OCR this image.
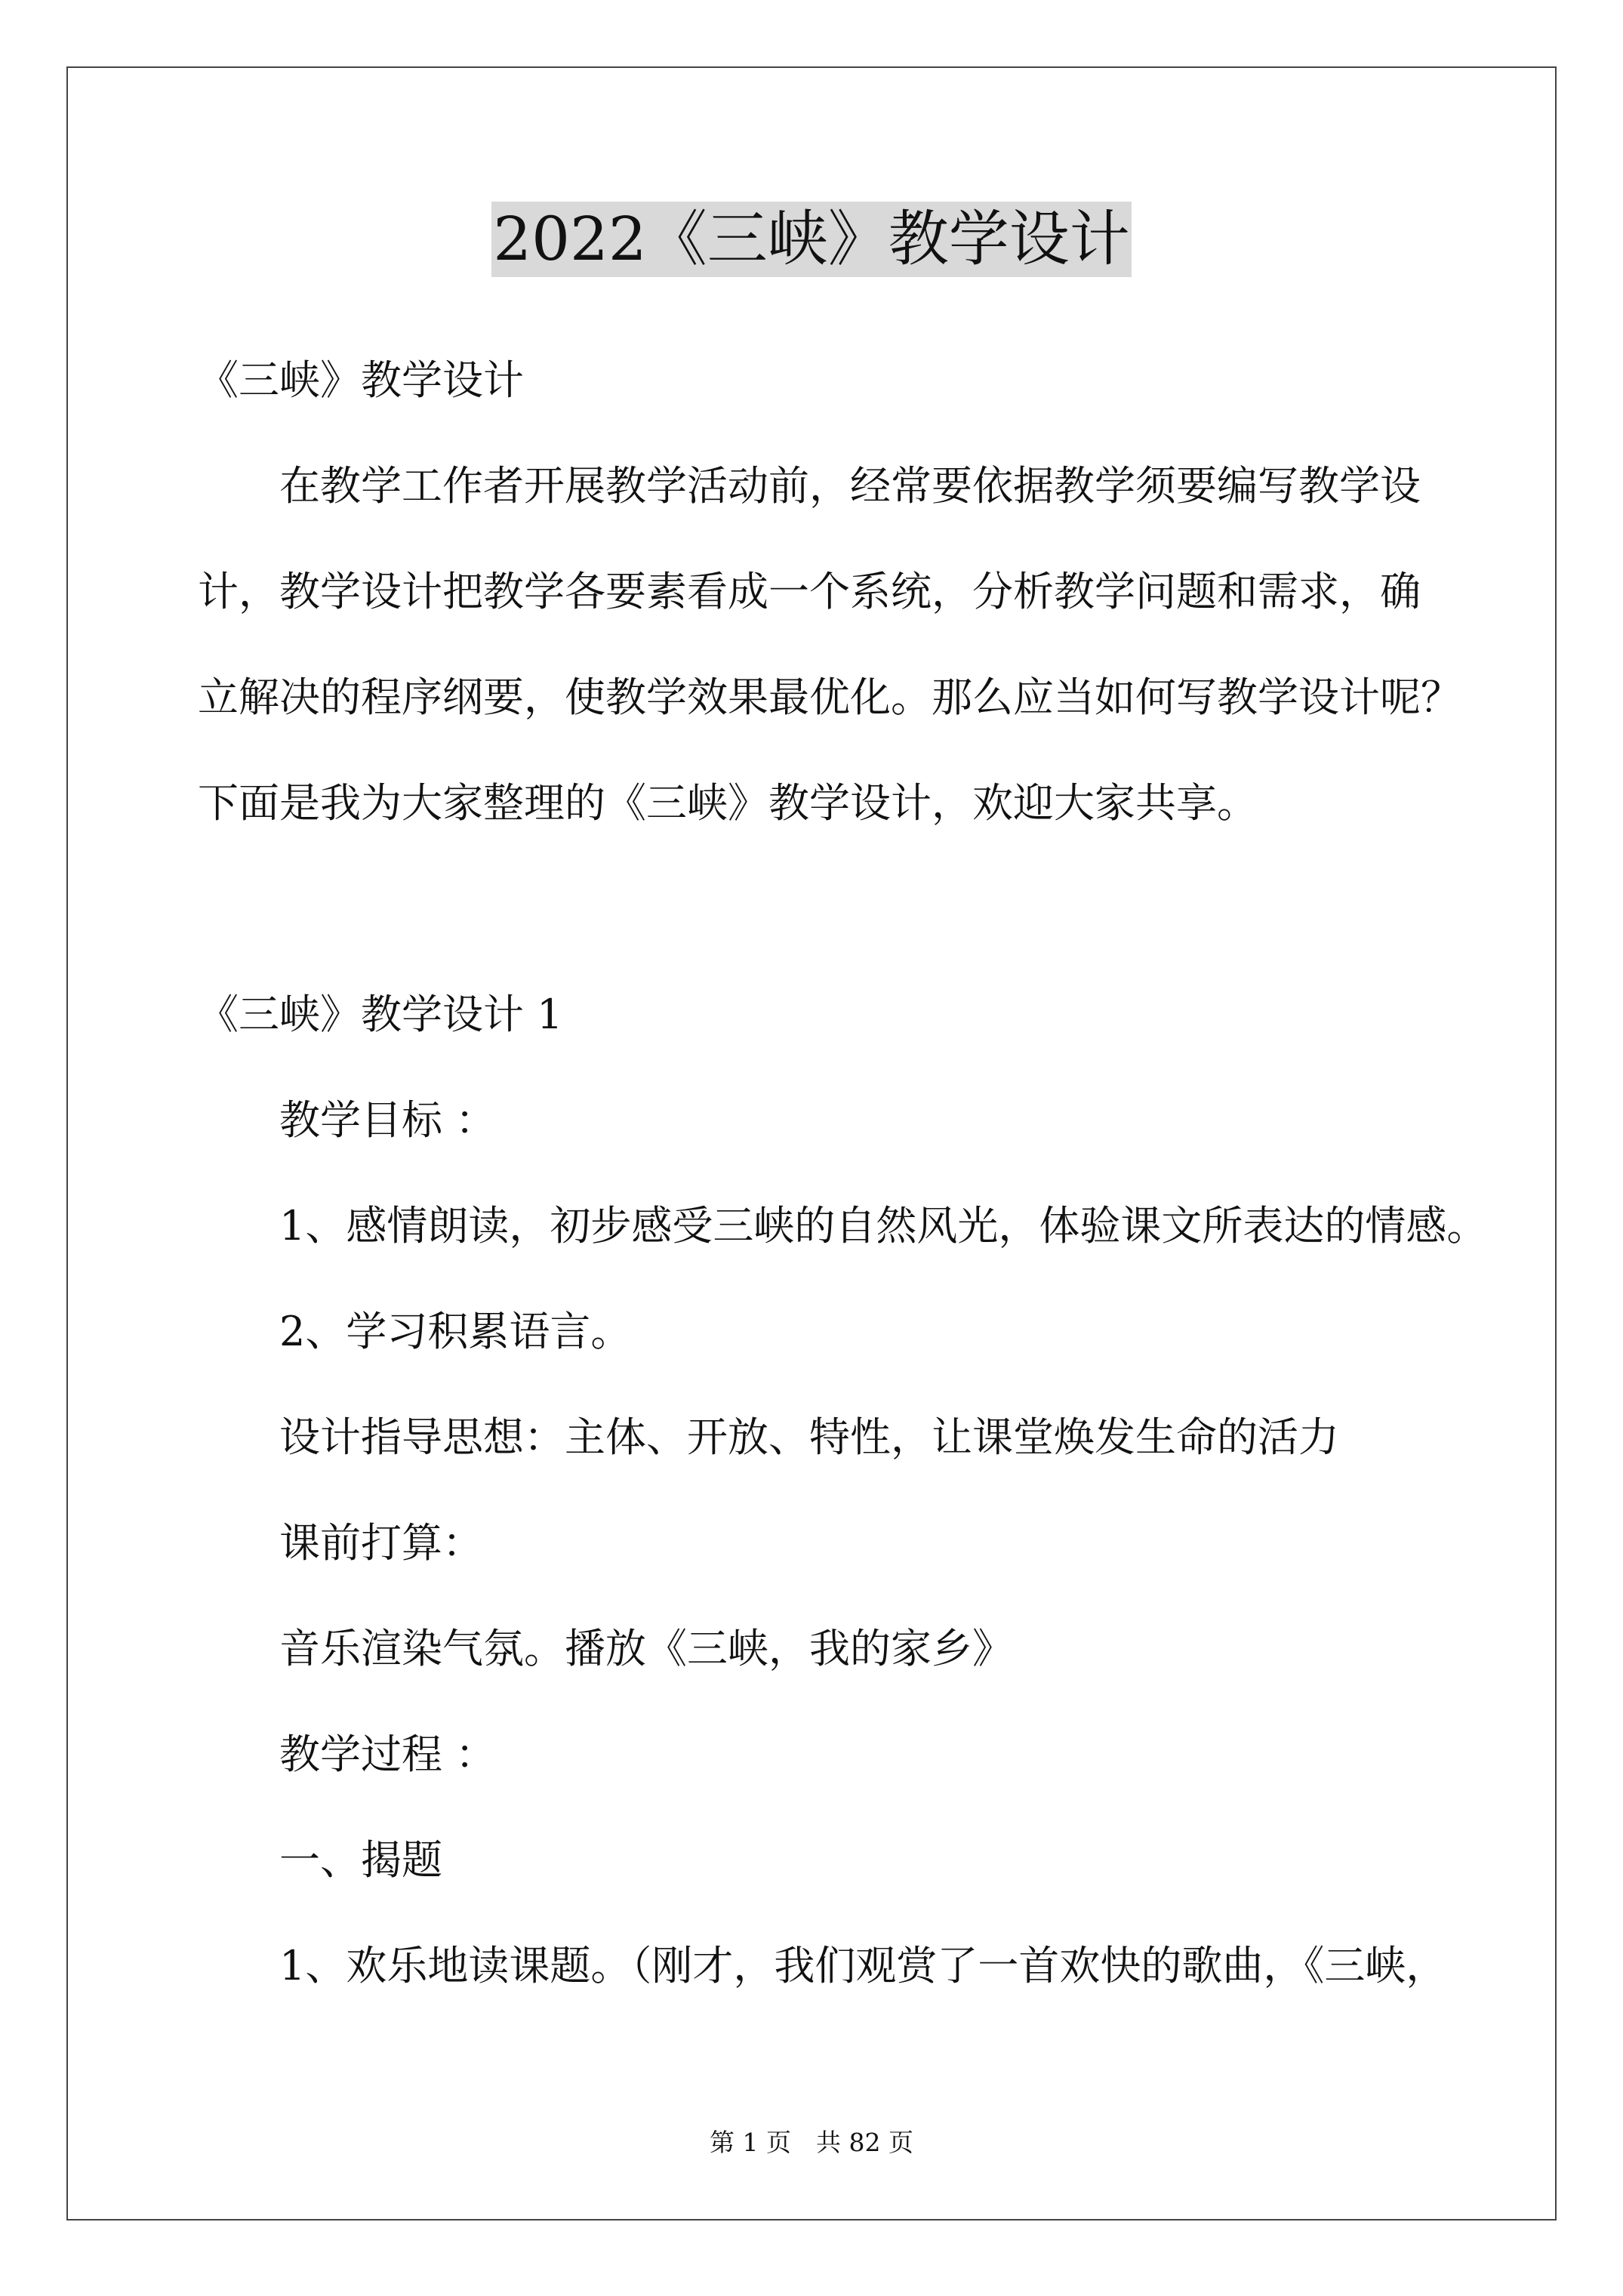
2022《三峡》教学设计
《三峡》教学设计
在教学工作者开展教学活动前，经常要依据教学须要编写教学设
计，教学设计把教学各要素看成一个系统，分析教学问题和需求，确
立解决的程序纲要，使教学效果最优化。那么应当如何写教学设计呢？
下面是我为大家整理的《三峡》教学设计，欢迎大家共享。
《三峡》教学设计 1
教学目标 ：
1、感情朗读，初步感受三峡的自然风光，体验课文所表达的情感。
2、学习积累语言。
设计指导思想：主体、开放、特性，让课堂焕发生命的活力
课前打算：
音乐渲染气氛。播放《三峡，我的家乡》
教学过程 ：
一、揭题
1、欢乐地读课题。（刚才，我们观赏了一首欢快的歌曲，《三峡，
第 1 页　共 82 页
